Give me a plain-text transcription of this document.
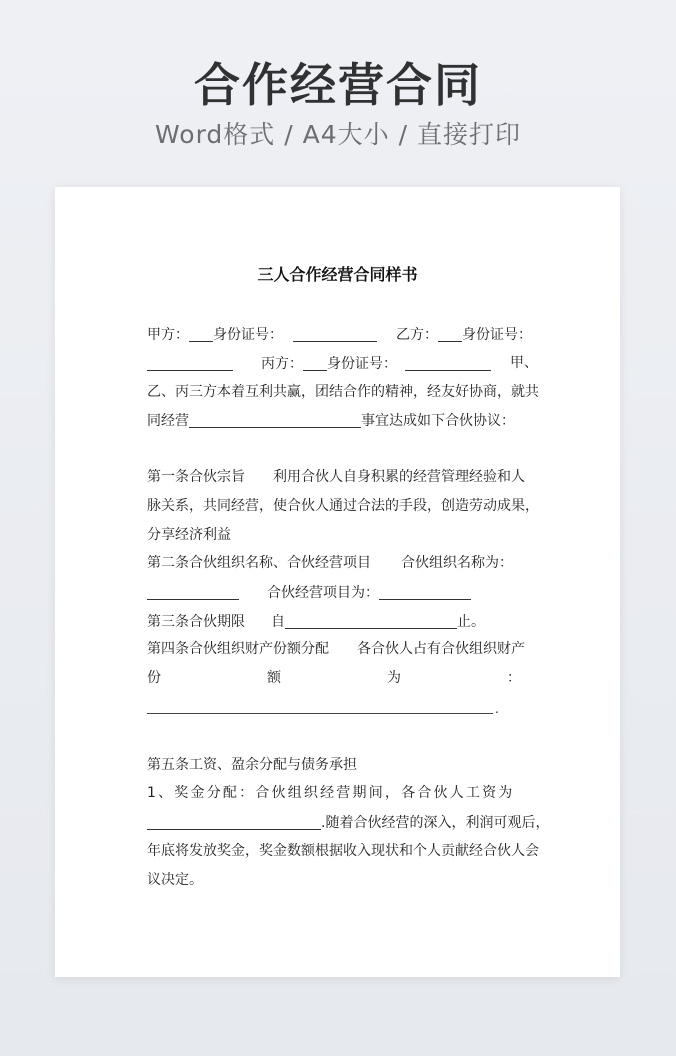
合作经营合同
Word格式 / A4大小 / 直接打印
三人合作经营合同样书
甲方： 身份证号：	乙方： 身份证号：
丙方： 身份证号：	甲、
乙、丙三方本着互利共赢，团结合作的精神，经友好协商，就共
同经营	事宜达成如下合伙协议：
第一条合伙宗旨 利用合伙人自身积累的经营管理经验和人
脉关系，共同经营，使合伙人通过合法的手段，创造劳动成果，
分享经济利益
第二条合伙组织名称、合伙经营项目 合伙组织名称为：
合伙经营项目为：
第三条合伙期限 自	止。
第四条合伙组织财产份额分配 各合伙人占有合伙组织财产
份	额	为	：
.
第五条工资、盈余分配与债务承担
1、奖金分配：合伙组织经营期间，各合伙人工资为
.随着合伙经营的深入，利润可观后，
年底将发放奖金，奖金数额根据收入现状和个人贡献经合伙人会
议决定。
